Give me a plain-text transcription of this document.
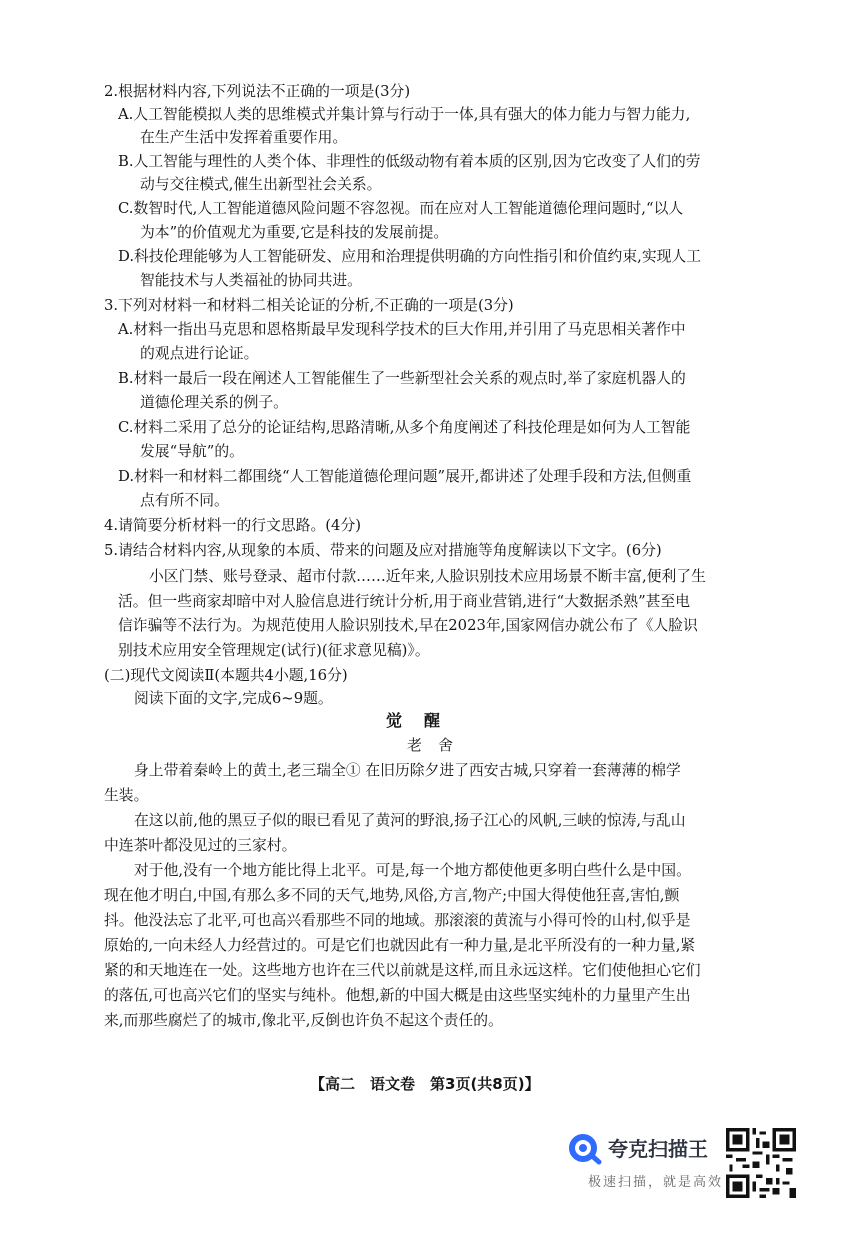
2.根据材料内容,下列说法不正确的一项是(3分)
A.人工智能模拟人类的思维模式并集计算与行动于一体,具有强大的体力能力与智力能力,
在生产生活中发挥着重要作用。
B.人工智能与理性的人类个体、非理性的低级动物有着本质的区别,因为它改变了人们的劳
动与交往模式,催生出新型社会关系。
C.数智时代,人工智能道德风险问题不容忽视。而在应对人工智能道德伦理问题时,“以人
为本”的价值观尤为重要,它是科技的发展前提。
D.科技伦理能够为人工智能研发、应用和治理提供明确的方向性指引和价值约束,实现人工
智能技术与人类福祉的协同共进。
3.下列对材料一和材料二相关论证的分析,不正确的一项是(3分)
A.材料一指出马克思和恩格斯最早发现科学技术的巨大作用,并引用了马克思相关著作中
的观点进行论证。
B.材料一最后一段在阐述人工智能催生了一些新型社会关系的观点时,举了家庭机器人的
道德伦理关系的例子。
C.材料二采用了总分的论证结构,思路清晰,从多个角度阐述了科技伦理是如何为人工智能
发展“导航”的。
D.材料一和材料二都围绕“人工智能道德伦理问题”展开,都讲述了处理手段和方法,但侧重
点有所不同。
4.请简要分析材料一的行文思路。(4分)
5.请结合材料内容,从现象的本质、带来的问题及应对措施等角度解读以下文字。(6分)
小区门禁、账号登录、超市付款……近年来,人脸识别技术应用场景不断丰富,便利了生
活。但一些商家却暗中对人脸信息进行统计分析,用于商业营销,进行“大数据杀熟”甚至电
信诈骗等不法行为。为规范使用人脸识别技术,早在2023年,国家网信办就公布了《人脸识
别技术应用安全管理规定(试行)(征求意见稿)》。
(二)现代文阅读Ⅱ(本题共4小题,16分)
阅读下面的文字,完成6~9题。
身上带着秦岭上的黄土,老三瑞全① 在旧历除夕进了西安古城,只穿着一套薄薄的棉学
生装。
在这以前,他的黑豆子似的眼已看见了黄河的野浪,扬子江心的风帆,三峡的惊涛,与乱山
中连茶叶都没见过的三家村。
对于他,没有一个地方能比得上北平。可是,每一个地方都使他更多明白些什么是中国。
现在他才明白,中国,有那么多不同的天气,地势,风俗,方言,物产;中国大得使他狂喜,害怕,颤
抖。他没法忘了北平,可也高兴看那些不同的地域。那滚滚的黄流与小得可怜的山村,似乎是
原始的,一向未经人力经营过的。可是它们也就因此有一种力量,是北平所没有的一种力量,紧
紧的和天地连在一处。这些地方也许在三代以前就是这样,而且永远这样。它们使他担心它们
的落伍,可也高兴它们的坚实与纯朴。他想,新的中国大概是由这些坚实纯朴的力量里产生出
来,而那些腐烂了的城市,像北平,反倒也许负不起这个责任的。
觉醒
老舍
【高二　语文卷　第3页(共8页)】
夸克扫描王
极速扫描，就是高效
